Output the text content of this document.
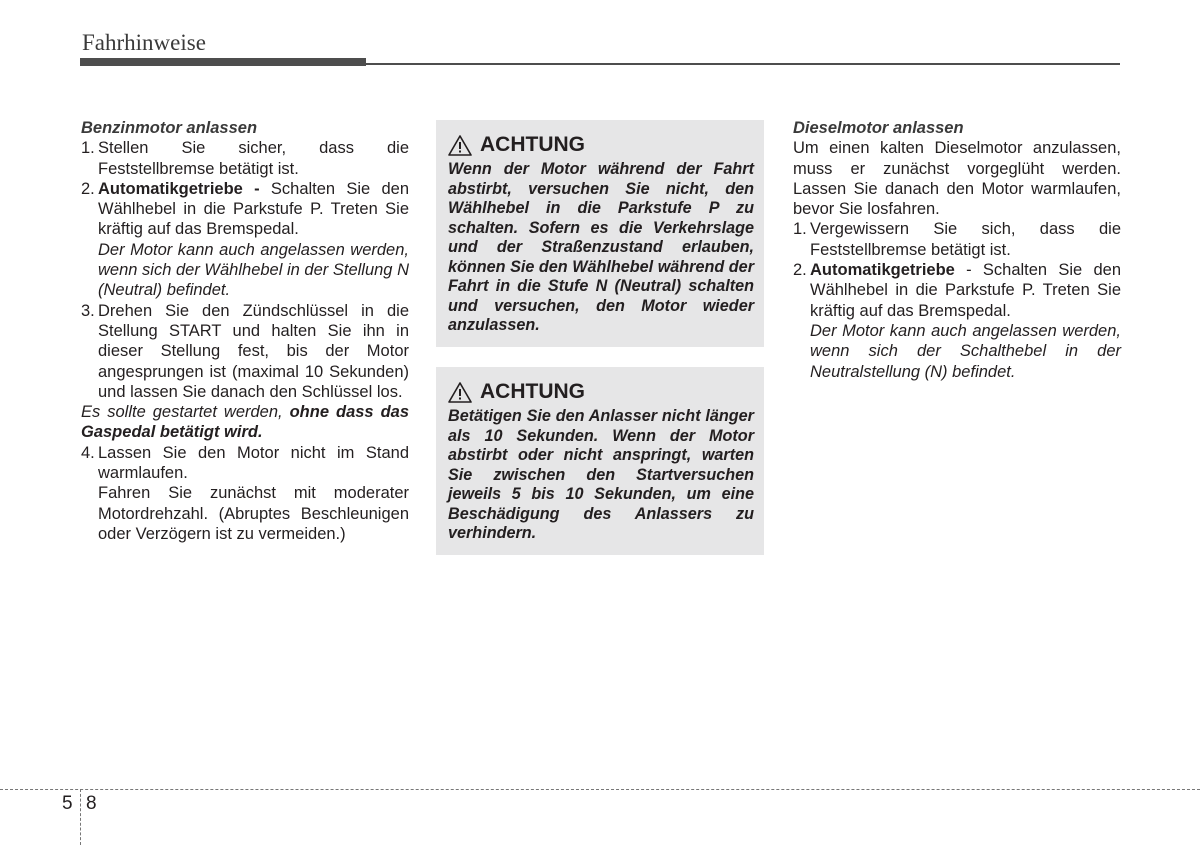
Fahrhinweise

Benzinmotor anlassen

1. Stellen Sie sicher, dass die Feststellbremse betätigt ist.
2. Automatikgetriebe - Schalten Sie den Wählhebel in die Parkstufe P. Treten Sie kräftig auf das Bremspedal.

Der Motor kann auch angelassen werden, wenn sich der Wählhebel in der Stellung N (Neutral) befindet.

3. Drehen Sie den Zündschlüssel in die Stellung START und halten Sie ihn in dieser Stellung fest, bis der Motor angesprungen ist (maximal 10 Sekunden) und lassen Sie danach den Schlüssel los.

Es sollte gestartet werden, ohne dass das Gaspedal betätigt wird.

4. Lassen Sie den Motor nicht im Stand warmlaufen.

Fahren Sie zunächst mit moderater Motordrehzahl. (Abruptes Beschleunigen oder Verzögern ist zu vermeiden.)

ACHTUNG
Wenn der Motor während der Fahrt abstirbt, versuchen Sie nicht, den Wählhebel in die Parkstufe P zu schalten. Sofern es die Verkehrslage und der Straßenzustand erlauben, können Sie den Wählhebel während der Fahrt in die Stufe N (Neutral) schalten und versuchen, den Motor wieder anzulassen.
ACHTUNG
Betätigen Sie den Anlasser nicht länger als 10 Sekunden. Wenn der Motor abstirbt oder nicht anspringt, warten Sie zwischen den Startversuchen jeweils 5 bis 10 Sekunden, um eine Beschädigung des Anlassers zu verhindern.

Dieselmotor anlassen

Um einen kalten Dieselmotor anzulassen, muss er zunächst vorgeglüht werden. Lassen Sie danach den Motor warmlaufen, bevor Sie losfahren.

1. Vergewissern Sie sich, dass die Feststellbremse betätigt ist.
2. Automatikgetriebe - Schalten Sie den Wählhebel in die Parkstufe P. Treten Sie kräftig auf das Bremspedal.

Der Motor kann auch angelassen werden, wenn sich der Schalthebel in der Neutralstellung (N) befindet.

5 8
